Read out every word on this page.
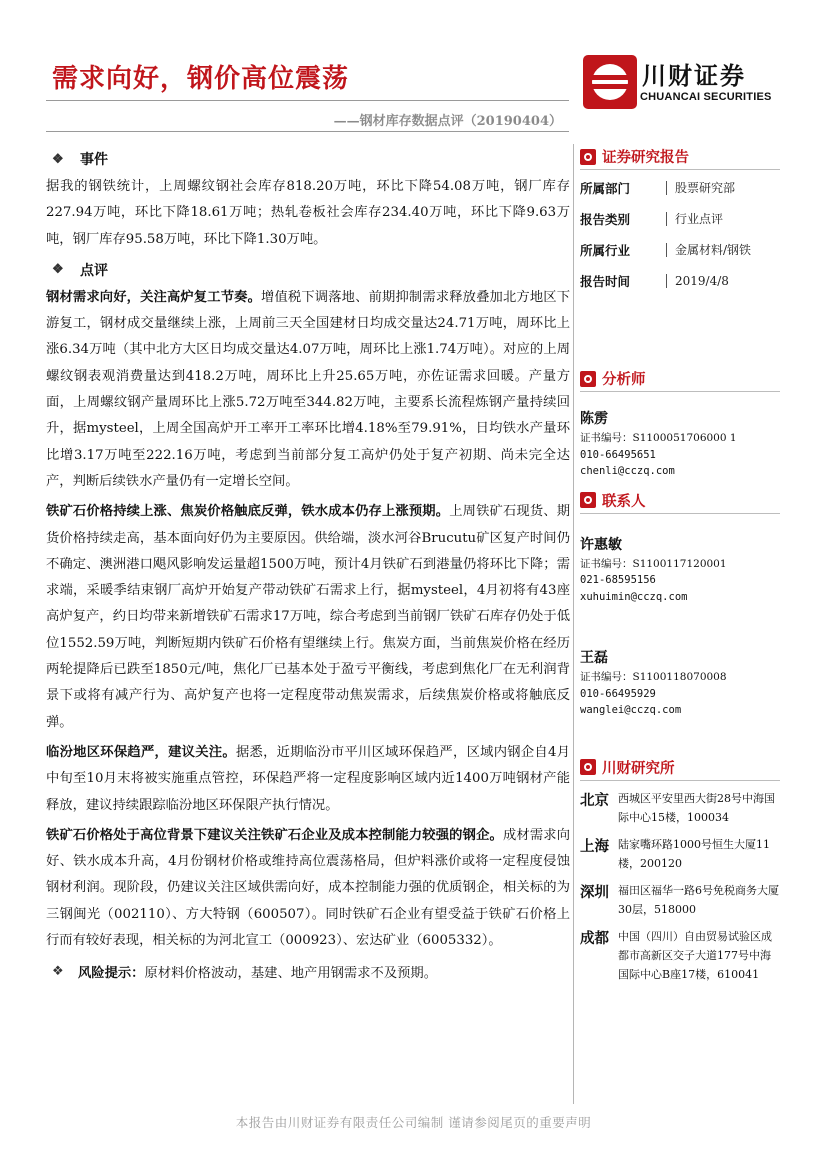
需求向好，钢价高位震荡
——钢材库存数据点评（20190404）
川财证券
CHUANCAI SECURITIES
❖	事件

据我的钢铁统计，上周螺纹钢社会库存818.20万吨，环比下降54.08万吨，钢厂库存227.94万吨，环比下降18.61万吨；热轧卷板社会库存234.40万吨，环比下降9.63万吨，钢厂库存95.58万吨，环比下降1.30万吨。

❖	点评

钢材需求向好，关注高炉复工节奏。增值税下调落地、前期抑制需求释放叠加北方地区下游复工，钢材成交量继续上涨，上周前三天全国建材日均成交量达24.71万吨，周环比上涨6.34万吨（其中北方大区日均成交量达4.07万吨，周环比上涨1.74万吨）。对应的上周螺纹钢表观消费量达到418.2万吨，周环比上升25.65万吨，亦佐证需求回暖。产量方面，上周螺纹钢产量周环比上涨5.72万吨至344.82万吨，主要系长流程炼钢产量持续回升，据mysteel，上周全国高炉开工率开工率环比增4.18%至79.91%，日均铁水产量环比增3.17万吨至222.16万吨，考虑到当前部分复工高炉仍处于复产初期、尚未完全达产，判断后续铁水产量仍有一定增长空间。

铁矿石价格持续上涨、焦炭价格触底反弹，铁水成本仍存上涨预期。上周铁矿石现货、期货价格持续走高，基本面向好仍为主要原因。供给端，淡水河谷Brucutu矿区复产时间仍不确定、澳洲港口飓风影响发运量超1500万吨，预计4月铁矿石到港量仍将环比下降；需求端，采暖季结束钢厂高炉开始复产带动铁矿石需求上行，据mysteel，4月初将有43座高炉复产，约日均带来新增铁矿石需求17万吨，综合考虑到当前钢厂铁矿石库存仍处于低位1552.59万吨，判断短期内铁矿石价格有望继续上行。焦炭方面，当前焦炭价格在经历两轮提降后已跌至1850元/吨，焦化厂已基本处于盈亏平衡线，考虑到焦化厂在无利润背景下或将有减产行为、高炉复产也将一定程度带动焦炭需求，后续焦炭价格或将触底反弹。

临汾地区环保趋严，建议关注。据悉，近期临汾市平川区域环保趋严，区域内钢企自4月中旬至10月末将被实施重点管控，环保趋严将一定程度影响区域内近1400万吨钢材产能释放，建议持续跟踪临汾地区环保限产执行情况。

铁矿石价格处于高位背景下建议关注铁矿石企业及成本控制能力较强的钢企。成材需求向好、铁水成本升高，4月份钢材价格或维持高位震荡格局，但炉料涨价或将一定程度侵蚀钢材利润。现阶段，仍建议关注区域供需向好，成本控制能力强的优质钢企，相关标的为三钢闽光（002110）、方大特钢（600507）。同时铁矿石企业有望受益于铁矿石价格上行而有较好表现，相关标的为河北宣工（000923）、宏达矿业（6005332）。

❖	风险提示： 原材料价格波动，基建、地产用钢需求不及预期。
证券研究报告
所属部门	股票研究部
报告类别	行业点评
所属行业	金属材料/钢铁
报告时间	2019/4/8
分析师
陈雳
证书编号：S1100051706000 1
010-66495651
chenli@cczq.com
联系人
许惠敏
证书编号：S1100117120001
021-68595156
xuhuimin@cczq.com
王磊
证书编号：S1100118070008
010-66495929
wanglei@cczq.com
川财研究所
北京 西城区平安里西大街28号中海国际中心15楼，100034
上海 陆家嘴环路1000号恒生大厦11楼，200120
深圳 福田区福华一路6号免税商务大厦30层，518000
成都 中国（四川）自由贸易试验区成都市高新区交子大道177号中海国际中心B座17楼，610041
本报告由川财证券有限责任公司编制 谨请参阅尾页的重要声明
